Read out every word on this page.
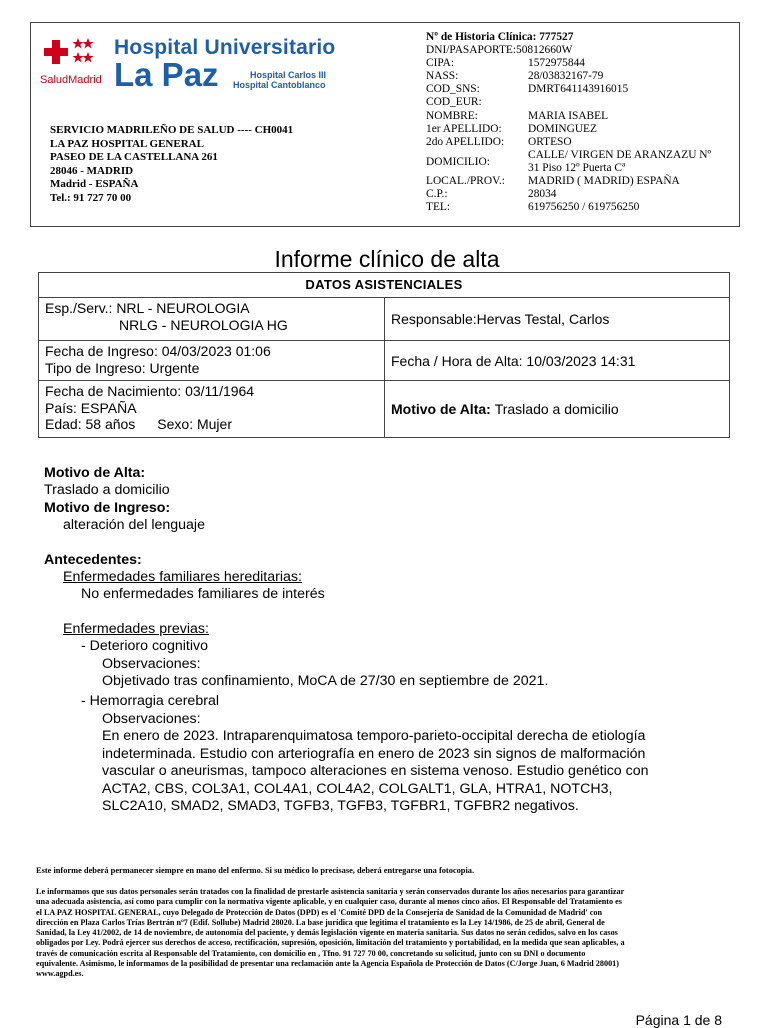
SaludMadrid
Hospital Universitario
La Paz	Hospital Carlos III
Hospital Cantoblanco
SERVICIO MADRILEÑO DE SALUD ---- CH0041
LA PAZ HOSPITAL GENERAL
PASEO DE LA CASTELLANA 261
28046 - MADRID
Madrid - ESPAÑA
Tel.: 91 727 70 00
Nº de Historia Clínica: 777527
DNI/PASAPORTE:50812660W
CIPA:	1572975844
NASS:	28/03832167-79
COD_SNS:	DMRT641143916015
COD_EUR:
NOMBRE:	MARIA ISABEL
1er APELLIDO: DOMINGUEZ
2do APELLIDO: ORTESO
DOMICILIO:
CALLE/ VIRGEN DE ARANZAZU Nº
31 Piso 12º Puerta Cª
LOCAL./PROV.: MADRID ( MADRID) ESPAÑA
C.P.:	28034
TEL:	619756250 / 619756250
Informe clínico de alta
DATOS ASISTENCIALES
Esp./Serv.: NRL - NEUROLOGIA
NRLG - NEUROLOGIA HG	Responsable:Hervas Testal, Carlos
Fecha de Ingreso: 04/03/2023 01:06
Tipo de Ingreso: Urgente	Fecha / Hora de Alta: 10/03/2023 14:31
Fecha de Nacimiento: 03/11/1964
País: ESPAÑA
Edad: 58 años Sexo: Mujer
Motivo de Alta:
Traslado a domicilio
Motivo de Alta:
Traslado a domicilio
Motivo de Ingreso:
alteración del lenguaje
Antecedentes:
Enfermedades familiares hereditarias:
No enfermedades familiares de interés
Enfermedades previas:
- Deterioro cognitivo
Observaciones:
Objetivado tras confinamiento, MoCA de 27/30 en septiembre de 2021.
- Hemorragia cerebral
Observaciones:
En enero de 2023. Intraparenquimatosa temporo-parieto-occipital derecha de etiología
indeterminada. Estudio con arteriografía en enero de 2023 sin signos de malformación
vascular o aneurismas, tampoco alteraciones en sistema venoso. Estudio genético con
ACTA2, CBS, COL3A1, COL4A1, COL4A2, COLGALT1, GLA, HTRA1, NOTCH3,
SLC2A10, SMAD2, SMAD3, TGFB3, TGFB3, TGFBR1, TGFBR2 negativos.
Este informe deberá permanecer siempre en mano del enfermo. Si su médico lo precisase, deberá entregarse una fotocopia.
Le informamos que sus datos personales serán tratados con la finalidad de prestarle asistencia sanitaria y serán conservados durante los años necesarios para garantizar
una adecuada asistencia, así como para cumplir con la normativa vigente aplicable, y en cualquier caso, durante al menos cinco años. El Responsable del Tratamiento es
el LA PAZ HOSPITAL GENERAL, cuyo Delegado de Protección de Datos (DPD) es el 'Comité DPD de la Consejería de Sanidad de la Comunidad de Madrid' con
dirección en Plaza Carlos Trías Bertrán nº7 (Edif. Sollube) Madrid 28020. La base jurídica que legitima el tratamiento es la Ley 14/1986, de 25 de abril, General de
Sanidad, la Ley 41/2002, de 14 de noviembre, de autonomía del paciente, y demás legislación vigente en materia sanitaria. Sus datos no serán cedidos, salvo en los casos
obligados por Ley. Podrá ejercer sus derechos de acceso, rectificación, supresión, oposición, limitación del tratamiento y portabilidad, en la medida que sean aplicables, a
través de comunicación escrita al Responsable del Tratamiento, con domicilio en , Tfno. 91 727 70 00, concretando su solicitud, junto con su DNI o documento
equivalente. Asimismo, le informamos de la posibilidad de presentar una reclamación ante la Agencia Española de Protección de Datos (C/Jorge Juan, 6 Madrid 28001)
www.agpd.es.
Página 1 de 8
